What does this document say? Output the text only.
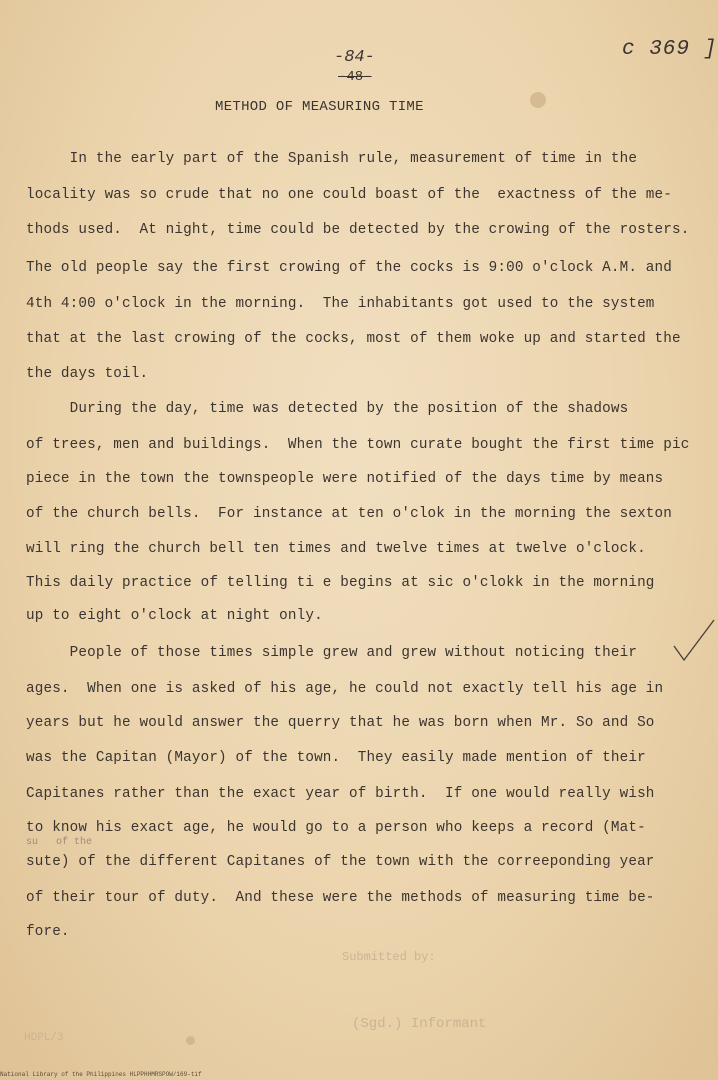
-84-
-48-
c 369 ]
METHOD OF MEASURING TIME
In the early part of the Spanish rule, measurement of time in the
locality was so crude that no one could boast of the  exactness of the me-
thods used.  At night, time could be detected by the crowing of the rosters.
The old people say the first crowing of the cocks is 9:00 o'clock A.M. and
4th 4:00 o'clock in the morning.  The inhabitants got used to the system
that at the last crowing of the cocks, most of them woke up and started the
the days toil.
During the day, time was detected by the position of the shadows
of trees, men and buildings.  When the town curate bought the first time pic
piece in the town the townspeople were notified of the days time by means
of the church bells.  For instance at ten o'clok in the morning the sexton
will ring the church bell ten times and twelve times at twelve o'clock.
This daily practice of telling ti e begins at sic o'clokk in the morning
up to eight o'clock at night only.
People of those times simple grew and grew without noticing their
ages.  When one is asked of his age, he could not exactly tell his age in
years but he would answer the querry that he was born when Mr. So and So
was the Capitan (Mayor) of the town.  They easily made mention of their
Capitanes rather than the exact year of birth.  If one would really wish
to know his exact age, he would go to a person who keeps a record (Mat-
su   of the
sute) of the different Capitanes of the town with the correeponding year
of their tour of duty.  And these were the methods of measuring time be-
fore.
Submitted by:
(Sgd.) Informant
HDPL/3
National Library of the Philippines HLPPHHMRSPOW/169-tif
